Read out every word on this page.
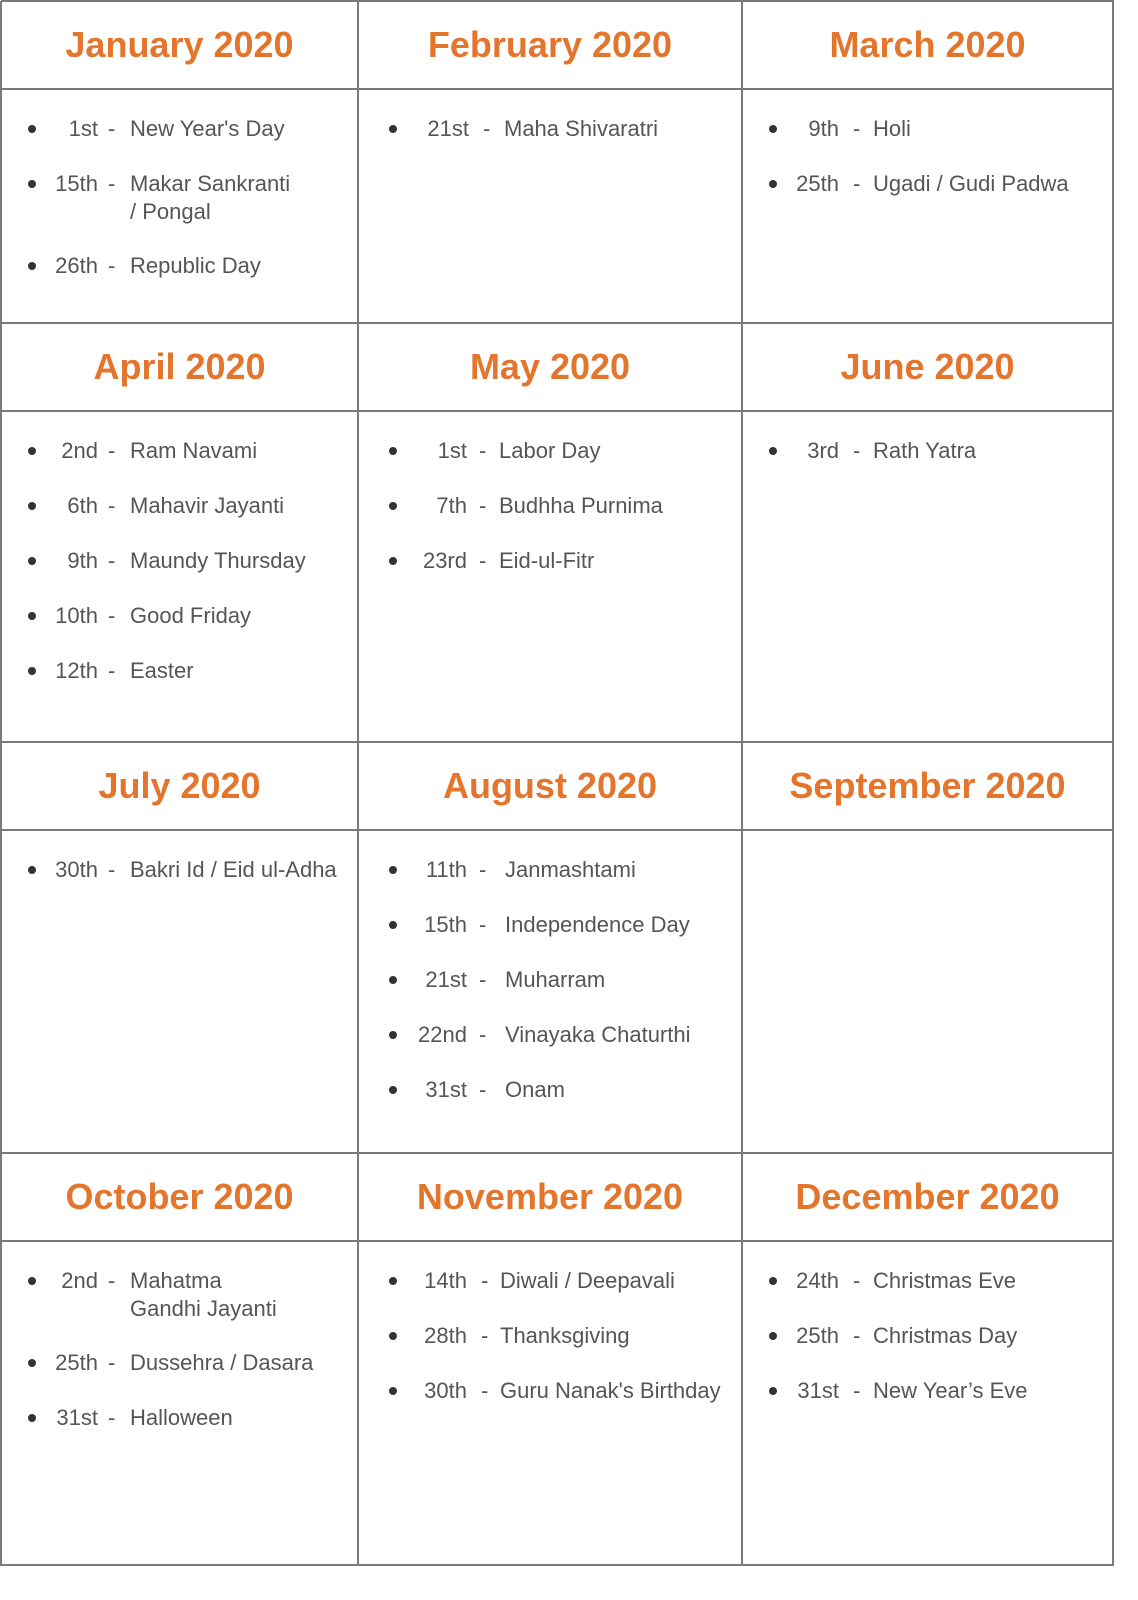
January 2020
1st - New Year's Day
15th - Makar Sankranti
/ Pongal
26th - Republic Day
February 2020
21st - Maha Shivaratri
March 2020
9th - Holi
25th - Ugadi / Gudi Padwa
April 2020
2nd - Ram Navami
6th - Mahavir Jayanti
9th - Maundy Thursday
10th - Good Friday
12th - Easter
May 2020
1st - Labor Day
7th - Budhha Purnima
23rd - Eid-ul-Fitr
June 2020
3rd - Rath Yatra
July 2020
30th - Bakri Id / Eid ul-Adha
August 2020
11th - Janmashtami
15th - Independence Day
21st - Muharram
22nd - Vinayaka Chaturthi
31st - Onam
September 2020
October 2020
2nd - Mahatma
Gandhi Jayanti
25th - Dussehra / Dasara
31st - Halloween
November 2020
14th - Diwali / Deepavali
28th - Thanksgiving
30th - Guru Nanak's Birthday
December 2020
24th - Christmas Eve
25th - Christmas Day
31st - New Year’s Eve
